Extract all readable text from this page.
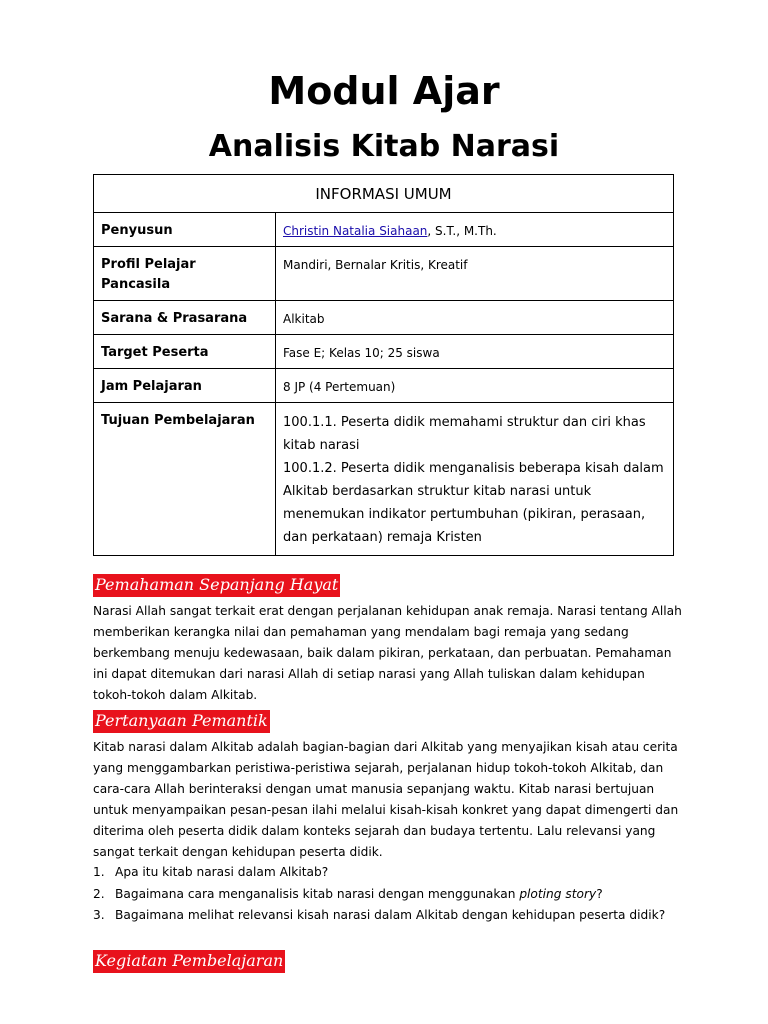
Modul Ajar
Analisis Kitab Narasi
INFORMASI UMUM	
Penyusun	Christin Natalia Siahaan, S.T., M.Th.
Profil Pelajar Pancasila	Mandiri, Bernalar Kritis, Kreatif
Sarana & Prasarana	Alkitab
Target Peserta	Fase E; Kelas 10; 25 siswa
Jam Pelajaran	8 JP (4 Pertemuan)
Tujuan Pembelajaran	100.1.1. Peserta didik memahami struktur dan ciri khas kitab narasi
100.1.2. Peserta didik menganalisis beberapa kisah dalam Alkitab berdasarkan struktur kitab narasi untuk menemukan indikator pertumbuhan (pikiran, perasaan, dan perkataan) remaja Kristen
Pemahaman Sepanjang Hayat

Narasi Allah sangat terkait erat dengan perjalanan kehidupan anak remaja. Narasi tentang Allah memberikan kerangka nilai dan pemahaman yang mendalam bagi remaja yang sedang berkembang menuju kedewasaan, baik dalam pikiran, perkataan, dan perbuatan. Pemahaman ini dapat ditemukan dari narasi Allah di setiap narasi yang Allah tuliskan dalam kehidupan tokoh-tokoh dalam Alkitab.

Pertanyaan Pemantik

Kitab narasi dalam Alkitab adalah bagian-bagian dari Alkitab yang menyajikan kisah atau cerita yang menggambarkan peristiwa-peristiwa sejarah, perjalanan hidup tokoh-tokoh Alkitab, dan cara-cara Allah berinteraksi dengan umat manusia sepanjang waktu. Kitab narasi bertujuan untuk menyampaikan pesan-pesan ilahi melalui kisah-kisah konkret yang dapat dimengerti dan diterima oleh peserta didik dalam konteks sejarah dan budaya tertentu. Lalu relevansi yang sangat terkait dengan kehidupan peserta didik.

1. Apa itu kitab narasi dalam Alkitab?
2. Bagaimana cara menganalisis kitab narasi dengan menggunakan ploting story?
3. Bagaimana melihat relevansi kisah narasi dalam Alkitab dengan kehidupan peserta didik?
Kegiatan Pembelajaran
